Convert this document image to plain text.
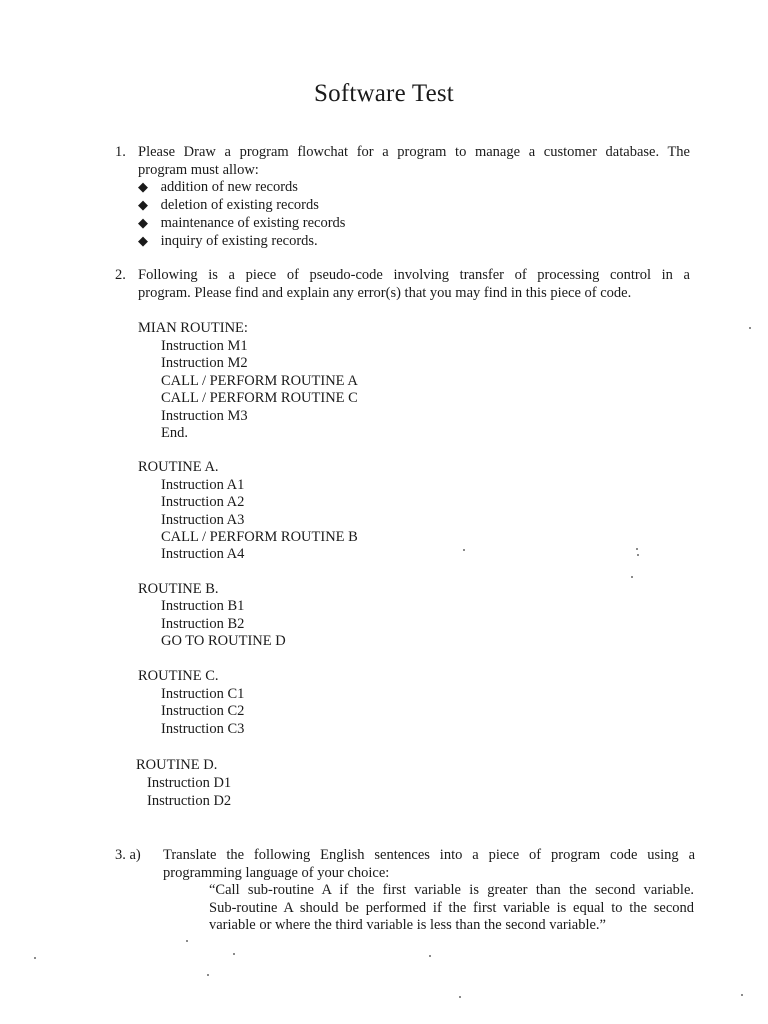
Software Test
1. Please Draw a program flowchat for a program to manage a customer database. The
program must allow:
◆ addition of new records
◆ deletion of existing records
◆ maintenance of existing records
◆ inquiry of existing records.
2. Following is a piece of pseudo-code involving transfer of processing control in a
program. Please find and explain any error(s) that you may find in this piece of code.
MIAN ROUTINE:
Instruction M1
Instruction M2
CALL / PERFORM ROUTINE A
CALL / PERFORM ROUTINE C
Instruction M3
End.
ROUTINE A.
Instruction A1
Instruction A2
Instruction A3
CALL / PERFORM ROUTINE B
Instruction A4
ROUTINE B.
Instruction B1
Instruction B2
GO TO ROUTINE D
ROUTINE C.
Instruction C1
Instruction C2
Instruction C3
ROUTINE D.
Instruction D1
Instruction D2
3. a) Translate the following English sentences into a piece of program code using a
programming language of your choice:
“Call sub-routine A if the first variable is greater than the second variable.
Sub-routine A should be performed if the first variable is equal to the second
variable or where the third variable is less than the second variable.”
